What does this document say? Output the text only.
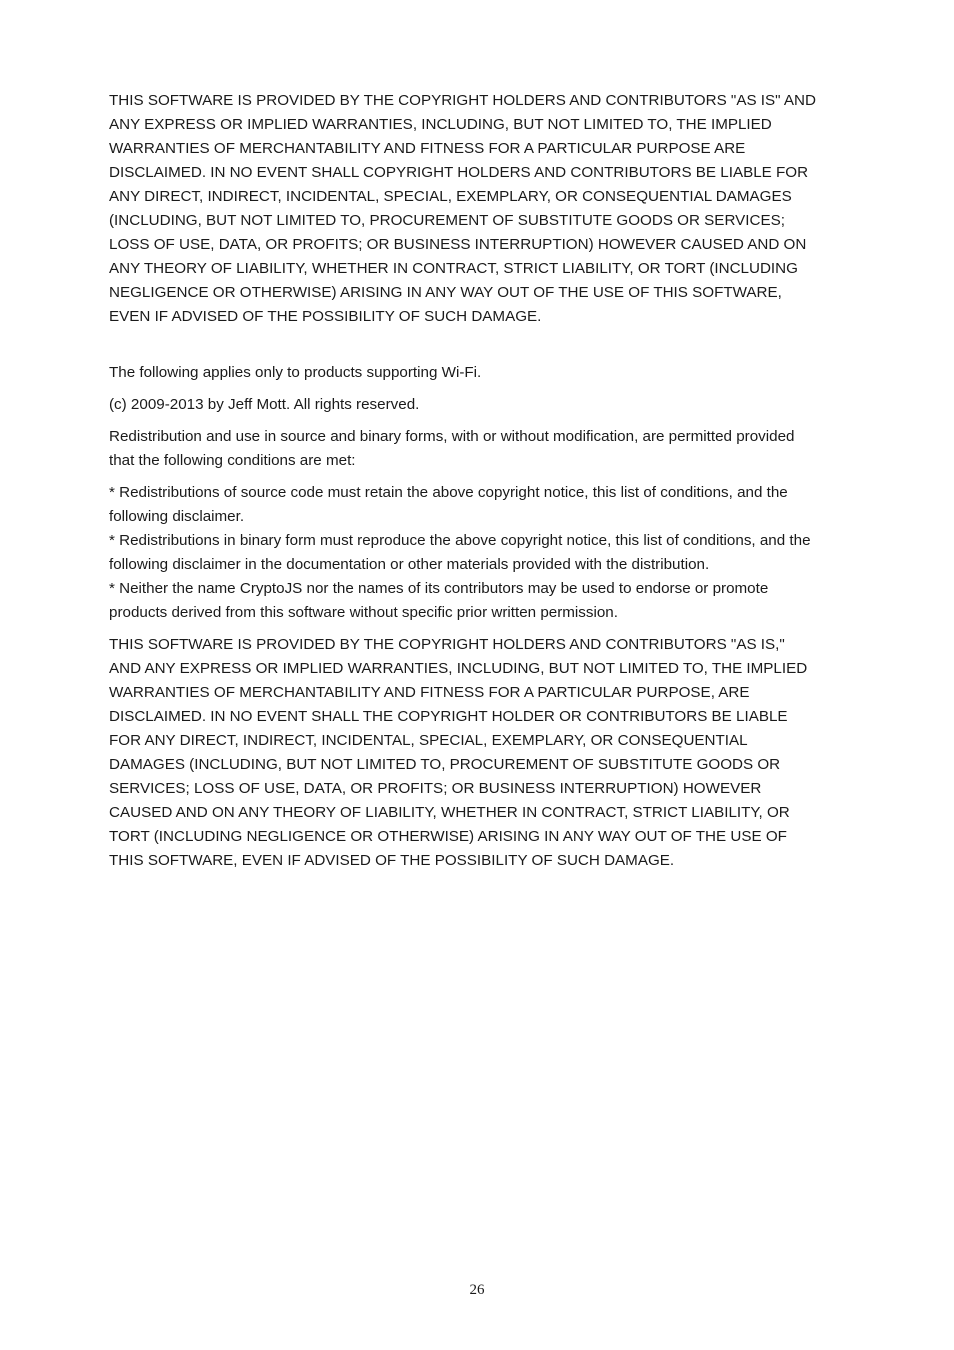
THIS SOFTWARE IS PROVIDED BY THE COPYRIGHT HOLDERS AND CONTRIBUTORS "AS IS" AND
ANY EXPRESS OR IMPLIED WARRANTIES, INCLUDING, BUT NOT LIMITED TO, THE IMPLIED
WARRANTIES OF MERCHANTABILITY AND FITNESS FOR A PARTICULAR PURPOSE ARE
DISCLAIMED. IN NO EVENT SHALL COPYRIGHT HOLDERS AND CONTRIBUTORS BE LIABLE FOR
ANY DIRECT, INDIRECT, INCIDENTAL, SPECIAL, EXEMPLARY, OR CONSEQUENTIAL DAMAGES
(INCLUDING, BUT NOT LIMITED TO, PROCUREMENT OF SUBSTITUTE GOODS OR SERVICES;
LOSS OF USE, DATA, OR PROFITS; OR BUSINESS INTERRUPTION) HOWEVER CAUSED AND ON
ANY THEORY OF LIABILITY, WHETHER IN CONTRACT, STRICT LIABILITY, OR TORT (INCLUDING
NEGLIGENCE OR OTHERWISE) ARISING IN ANY WAY OUT OF THE USE OF THIS SOFTWARE,
EVEN IF ADVISED OF THE POSSIBILITY OF SUCH DAMAGE.

The following applies only to products supporting Wi-Fi.

(c) 2009-2013 by Jeff Mott. All rights reserved.

Redistribution and use in source and binary forms, with or without modification, are permitted provided
that the following conditions are met:

* Redistributions of source code must retain the above copyright notice, this list of conditions, and the
following disclaimer.

* Redistributions in binary form must reproduce the above copyright notice, this list of conditions, and the
following disclaimer in the documentation or other materials provided with the distribution.

* Neither the name CryptoJS nor the names of its contributors may be used to endorse or promote
products derived from this software without specific prior written permission.

THIS SOFTWARE IS PROVIDED BY THE COPYRIGHT HOLDERS AND CONTRIBUTORS "AS IS,"
AND ANY EXPRESS OR IMPLIED WARRANTIES, INCLUDING, BUT NOT LIMITED TO, THE IMPLIED
WARRANTIES OF MERCHANTABILITY AND FITNESS FOR A PARTICULAR PURPOSE, ARE
DISCLAIMED. IN NO EVENT SHALL THE COPYRIGHT HOLDER OR CONTRIBUTORS BE LIABLE
FOR ANY DIRECT, INDIRECT, INCIDENTAL, SPECIAL, EXEMPLARY, OR CONSEQUENTIAL
DAMAGES (INCLUDING, BUT NOT LIMITED TO, PROCUREMENT OF SUBSTITUTE GOODS OR
SERVICES; LOSS OF USE, DATA, OR PROFITS; OR BUSINESS INTERRUPTION) HOWEVER
CAUSED AND ON ANY THEORY OF LIABILITY, WHETHER IN CONTRACT, STRICT LIABILITY, OR
TORT (INCLUDING NEGLIGENCE OR OTHERWISE) ARISING IN ANY WAY OUT OF THE USE OF
THIS SOFTWARE, EVEN IF ADVISED OF THE POSSIBILITY OF SUCH DAMAGE.

26
